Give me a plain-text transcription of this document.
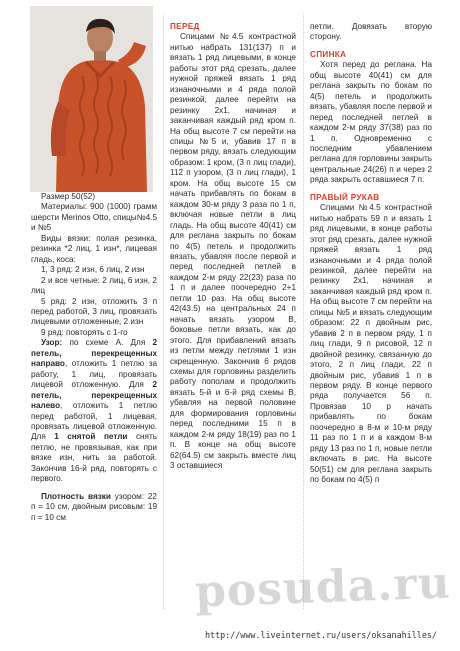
Размер 50(52)

Материалы: 900 (1000) грамм шерсти Merinos Otto, спицы№4.5 и №5

Виды вязки: полая резинка, резинка *2 лиц, 1 изн*, лицевая гладь, коса:

1, 3 ряд: 2 изн, 6 лиц, 2 изн

2 и все четные: 2 лиц, 6 изн, 2 лиц

5 ряд: 2 изн, отложить 3 п перед работой, 3 лиц, провязать лицевыми отложенные, 2 изн

9 ряд: повторять с 1-го

Узор: по схеме А. Для 2 петель, перекрещенных направо, отложить 1 петлю за работу, 1 лиц, провязать лицевой отложенную. Для 2 петель, перекрещенных налево, отложить 1 петлю перед работой, 1 лицевая, провязать лицевой отложенную. Для 1 снятой петли снять петлю, не провязывая, как при вязке изн, нить за работой. Закончив 16-й ряд, повторять с первого.

Плотность вязки узором: 22 п = 10 см, двойным рисовым: 19 п = 10 см

ПЕРЕД

Спицами №4.5 контрастной нитью набрать 131(137) п и вязать 1 ряд лицевыми, в конце работы этот ряд срезать, далее нужной пряжей вязать 1 ряд изнаночными и 4 ряда полой резинкой, далее перейти на резинку 2х1, начиная и заканчивая каждый ряд кром п. На общ высоте 7 см перейти на спицы №5 и, убавив 17 п в первом ряду, вязать следующим образом: 1 кром, (3 п лиц глади), 112 п узором, (3 п лиц глади), 1 кром. На общ высоте 15 см начать прибавлять по бокам в каждом 30-м ряду 3 раза по 1 п, включая новые петли в лиц гладь. На общ высоте 40(41) см для реглана закрыть по бокам по 4(5) петель и продолжить вязать, убавляя после первой и перед последней петлей в каждом 2-м ряду 22(23) раза по 1 п и далее поочередно 2+1 петли 10 раз. На общ высоте 42(43.5) на центральных 24 п начать вязать узором В, боковые петли вязать, как до этого. Для прибавлений вязать из петли между петлями 1 изн скрещенную. Закончив 6 рядов схемы для горловины разделить работу пополам и продолжить вязать 5-й и 6-й ряд схемы В, убавляя на первой половине для формирования горловины перед последними 15 п в каждом 2-м ряду 18(19) раз по 1 п. В конце на общ высоте 62(64.5) см закрыть вместе лиц 3 оставшиеся

петли. Довязать вторую сторону.

СПИНКА

Хотя перед до реглана. На общ высоте 40(41) см для реглана закрыть по бокам по 4(5) петель и продолжить вязать, убавляя после первой и перед последней петлей в каждом 2-м ряду 37(38) раз по 1 п. Одновременно с последним убавлением реглана для горловины закрыть центральные 24(26) п и через 2 ряда закрыть оставшиеся 7 п.

ПРАВЫЙ РУКАВ

Спицами №4.5 контрастной нитью набрать 59 п и вязать 1 ряд лицевыми, в конце работы этот ряд срезать, далее нужной пряжей вязать 1 ряд изнаночными и 4 ряда полой резинкой, далее перейти на резинку 2х1, начиная и заканчивая каждый ряд кром п. На общ высоте 7 см перейти на спицы №5 и вязать следующим образом: 22 п двойным рис, убавив 2 п в первом ряду, 1 п лиц глади, 9 п рисовой, 12 п двойной резинку, связанную до этого, 2 п лиц глади, 22 п двойным рис, убавив 1 п в первом ряду. В конце первого ряда получается 56 п. Провязав 10 р начать прибавлять по бокам поочередно в 8-м и 10-м ряду 11 раз по 1 п и в каждом 8-м ряду 13 раз по 1 п, новые петли включать в рис. На высоте 50(51) см для реглана закрыть по бокам по 4(5) п

posuda.ru
http://www.liveinternet.ru/users/oksanahilles/
